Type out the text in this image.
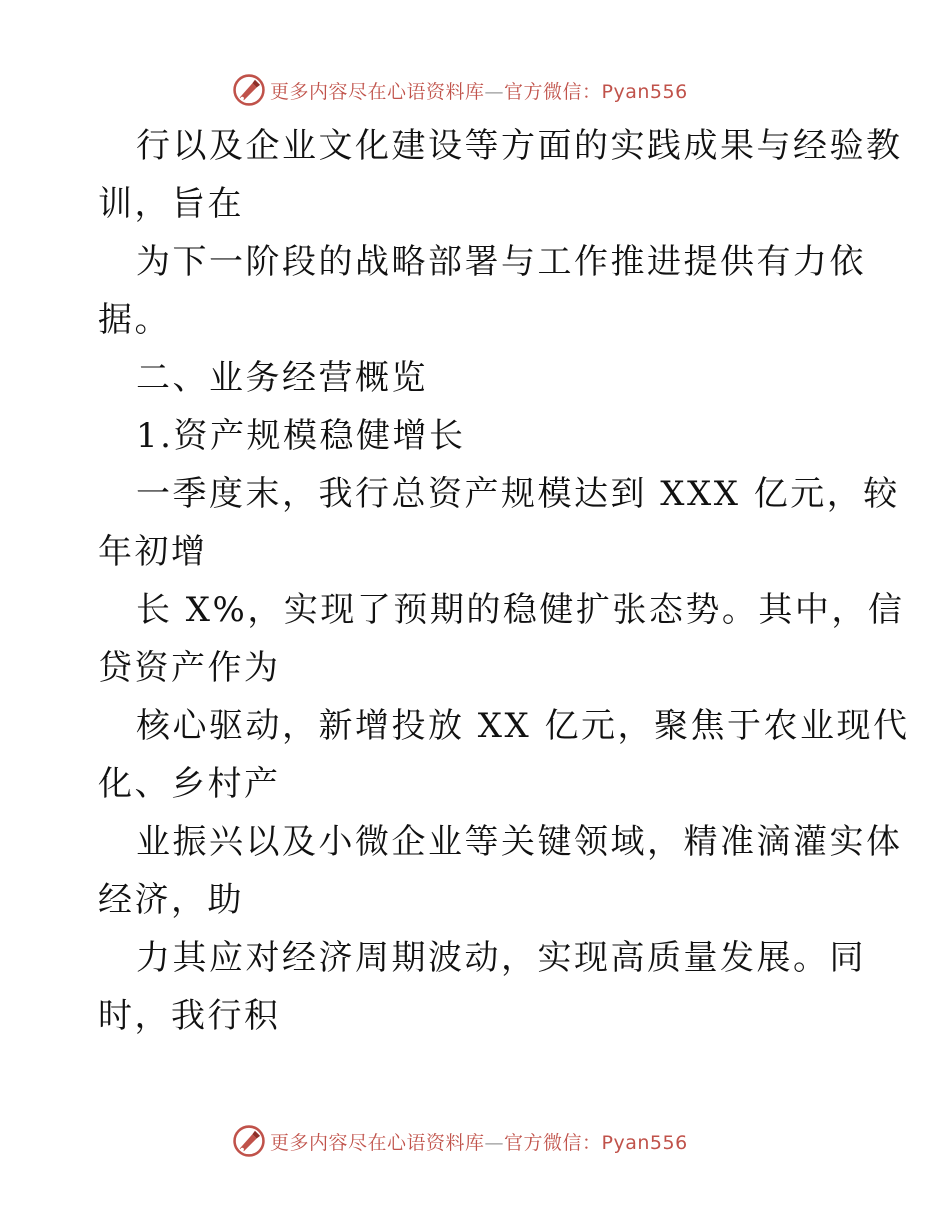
更多内容尽在心语资料库—官方微信：Pyan556
行以及企业文化建设等方面的实践成果与经验教
训，旨在
为下一阶段的战略部署与工作推进提供有力依
据。
二、业务经营概览
1.资产规模稳健增长
一季度末，我行总资产规模达到 XXX 亿元，较
年初增
长 X%，实现了预期的稳健扩张态势。其中，信
贷资产作为
核心驱动，新增投放 XX 亿元，聚焦于农业现代
化、乡村产
业振兴以及小微企业等关键领域，精准滴灌实体
经济，助
力其应对经济周期波动，实现高质量发展。同
时，我行积
更多内容尽在心语资料库—官方微信：Pyan556
